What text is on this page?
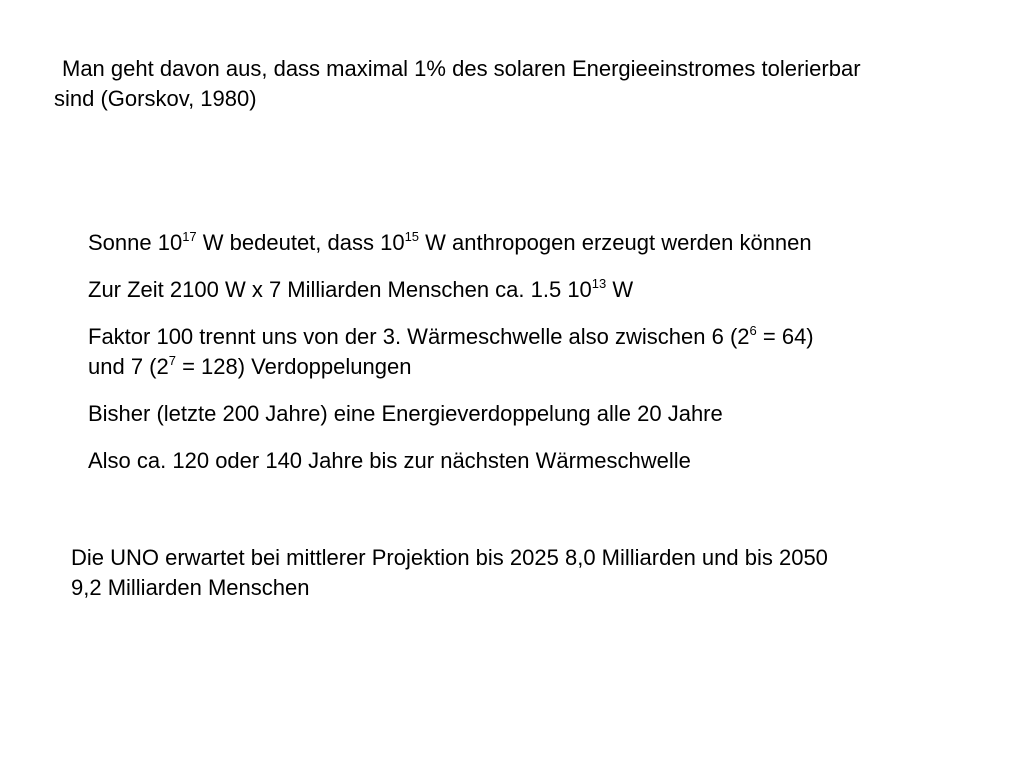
Man geht davon aus, dass maximal 1% des solaren Energieeinstromes tolerierbar
sind (Gorskov, 1980)

Sonne $10^{17}$ W bedeutet, dass $10^{15}$ W anthropogen erzeugt werden können
Zur Zeit 2100 W x 7 Milliarden Menschen ca. 1.5 $10^{13}$ W
Faktor 100 trennt uns von der 3. Wärmeschwelle also zwischen 6 $(2^6 = 64)$
und 7 $(2^7 = 128)$ Verdoppelungen
Bisher (letzte 200 Jahre) eine Energieverdoppelung alle 20 Jahre
Also ca. 120 oder 140 Jahre bis zur nächsten Wärmeschwelle

Die UNO erwartet bei mittlerer Projektion bis 2025 8,0 Milliarden und bis 2050
9,2 Milliarden Menschen
